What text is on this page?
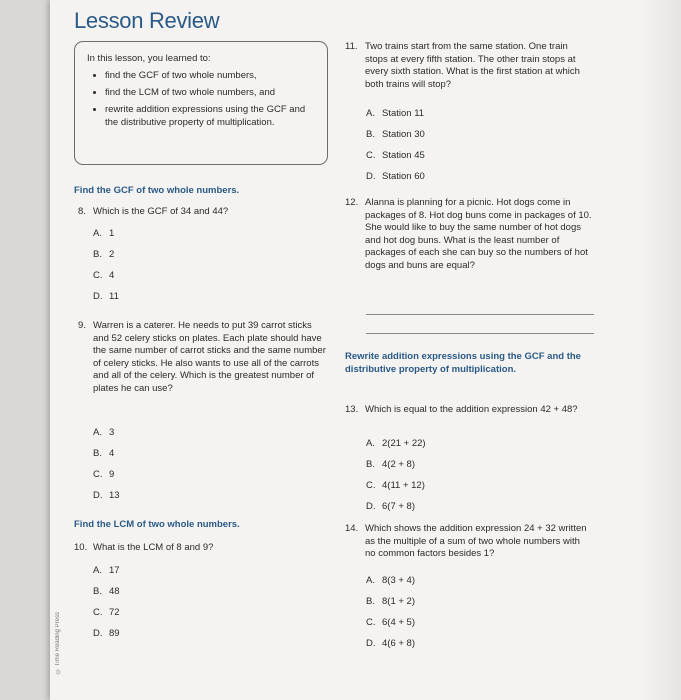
© Time Reading Press
Lesson Review
In this lesson, you learned to:
• find the GCF of two whole numbers,
• find the LCM of two whole numbers, and
• rewrite addition expressions using the GCF and the distributive property of multiplication.
Find the GCF of two whole numbers.
8. Which is the GCF of 34 and 44?
A. 1
B. 2
C. 4
D. 11
9. Warren is a caterer. He needs to put 39 carrot sticks and 52 celery sticks on plates. Each plate should have the same number of carrot sticks and the same number of celery sticks. He also wants to use all of the carrots and all of the celery. Which is the greatest number of plates he can use?
A. 3
B. 4
C. 9
D. 13
Find the LCM of two whole numbers.
10. What is the LCM of 8 and 9?
A. 17
B. 48
C. 72
D. 89
11. Two trains start from the same station. One train stops at every fifth station. The other train stops at every sixth station. What is the first station at which both trains will stop?
A. Station 11
B. Station 30
C. Station 45
D. Station 60
12. Alanna is planning for a picnic. Hot dogs come in packages of 8. Hot dog buns come in packages of 10. She would like to buy the same number of hot dogs and hot dog buns. What is the least number of packages of each she can buy so the numbers of hot dogs and buns are equal?
Rewrite addition expressions using the GCF and the distributive property of multiplication.
13. Which is equal to the addition expression 42 + 48?
A. 2(21 + 22)
B. 4(2 + 8)
C. 4(11 + 12)
D. 6(7 + 8)
14. Which shows the addition expression 24 + 32 written as the multiple of a sum of two whole numbers with no common factors besides 1?
A. 8(3 + 4)
B. 8(1 + 2)
C. 6(4 + 5)
D. 4(6 + 8)
